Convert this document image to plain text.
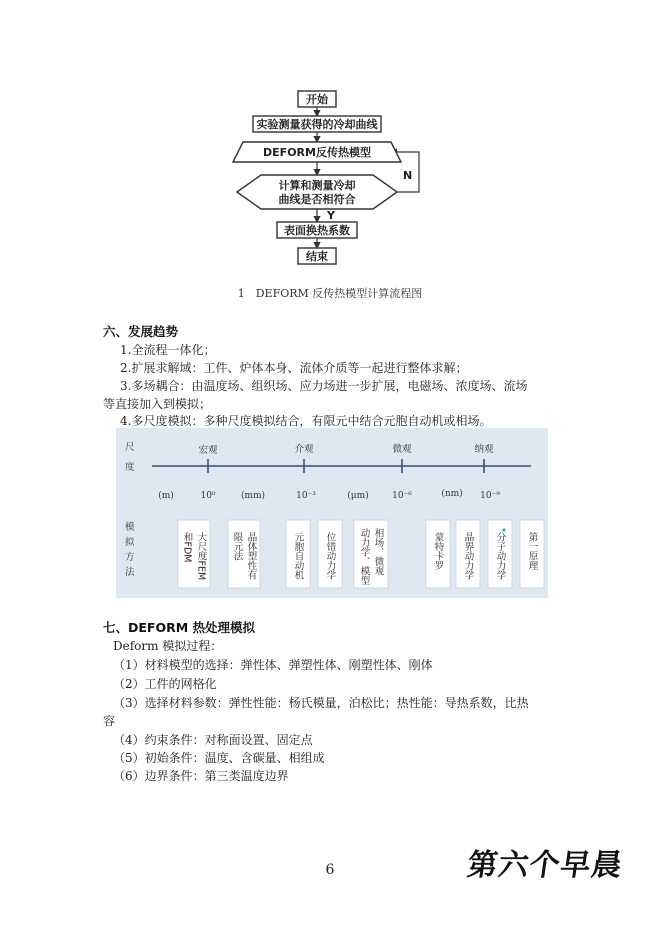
开始
实验测量获得的冷却曲线
DEFORM反传热模型
计算和测量冷却
曲线是否相符合
N
Y
表面换热系数
结束
1　DEFORM 反传热模型计算流程图
六、发展趋势
1.全流程一体化；
2.扩展求解域：工件、炉体本身、流体介质等一起进行整体求解；
3.多场耦合：由温度场、组织场、应力场进一步扩展，电磁场、浓度场、流场
等直接加入到模拟；
4.多尺度模拟：多种尺度模拟结合，有限元中结合元胞自动机或相场。
尺
度
宏观	介观	微观	纳观
(m)	10⁰	(mm)	10⁻³	(μm)	10⁻⁶	(nm) 10⁻⁹
模
拟
方
法	大尺度FEM
和FDM	晶体塑性有
限元法	元胞自动机 位错动力学	相场、微观
动力学、模型	蒙特卡罗 晶界动力学 分子动力学 第一原理
七、DEFORM 热处理模拟
Deform 模拟过程：
（1）材料模型的选择：弹性体、弹塑性体、刚塑性体、刚体
（2）工件的网格化
（3）选择材料参数：弹性性能：杨氏模量，泊松比；热性能：导热系数，比热
容
（4）约束条件：对称面设置、固定点
（5）初始条件：温度、含碳量、相组成
（6）边界条件：第三类温度边界
6	第六个早晨
